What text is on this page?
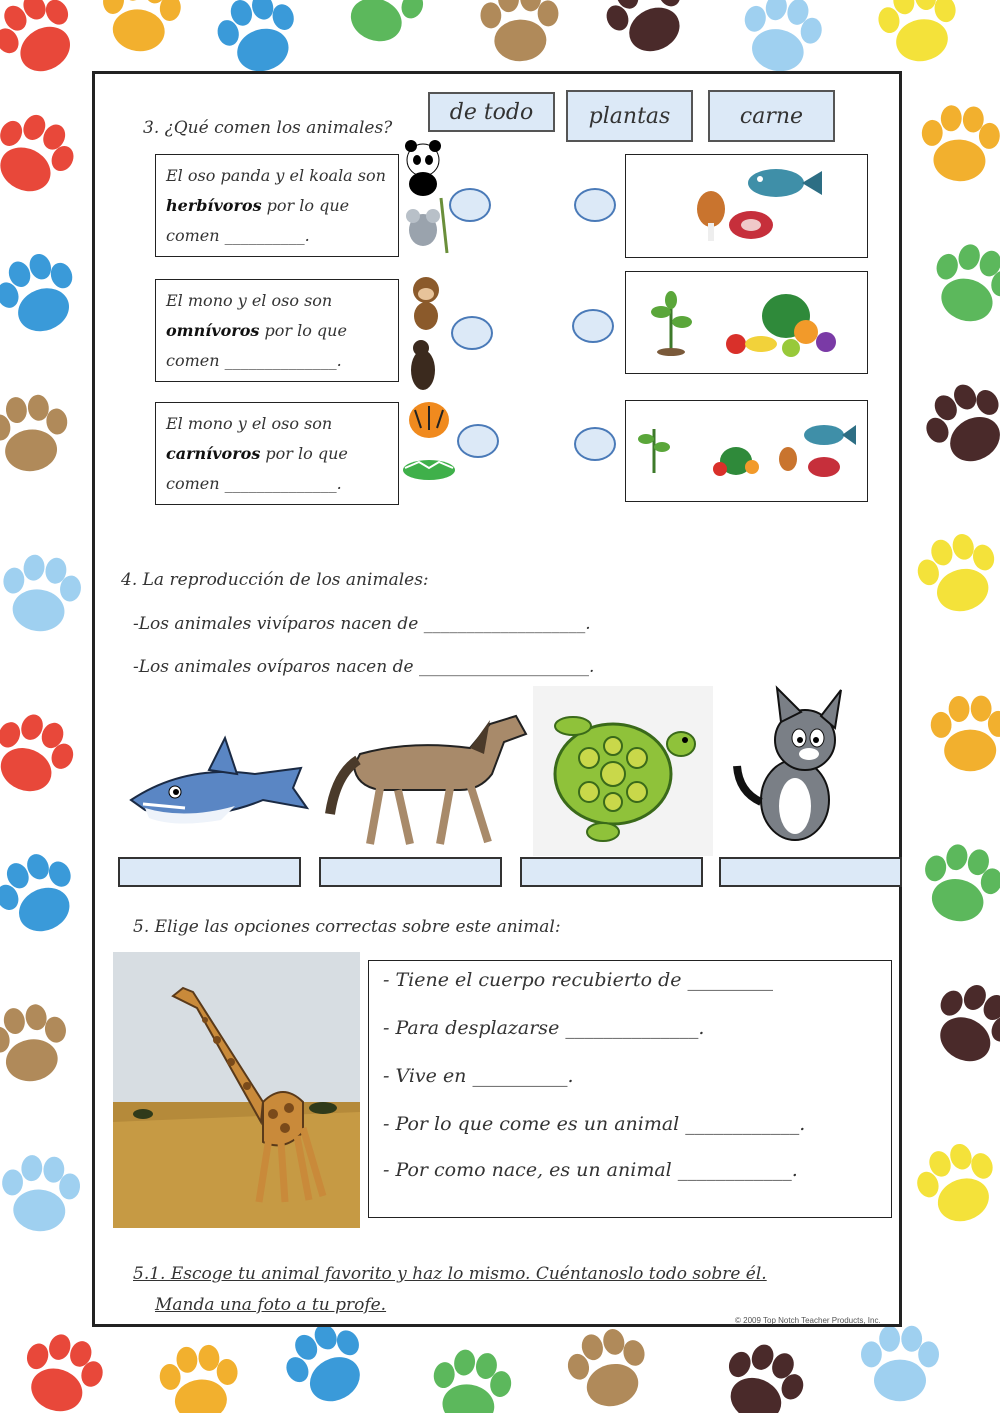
3. ¿Qué comen los animales?
de todo	plantas	carne
El oso panda y el koala son herbívoros por lo que comen __________.
El mono y el oso son omnívoros por lo que comen ______________.
El mono y el oso son carnívoros por lo que comen ______________.
4. La reproducción de los animales:
-Los animales vivíparos nacen de ___________________.
-Los animales ovíparos nacen de ____________________.
5. Elige las opciones correctas sobre este animal:
- Tiene el cuerpo recubierto de _________
- Para desplazarse ______________.
- Vive en __________.
- Por lo que come es un animal ____________.
- Por como nace, es un animal ____________.
5.1. Escoge tu animal favorito y haz lo mismo. Cuéntanoslo todo sobre él.
Manda una foto a tu profe.
© 2009 Top Notch Teacher Products, Inc.
